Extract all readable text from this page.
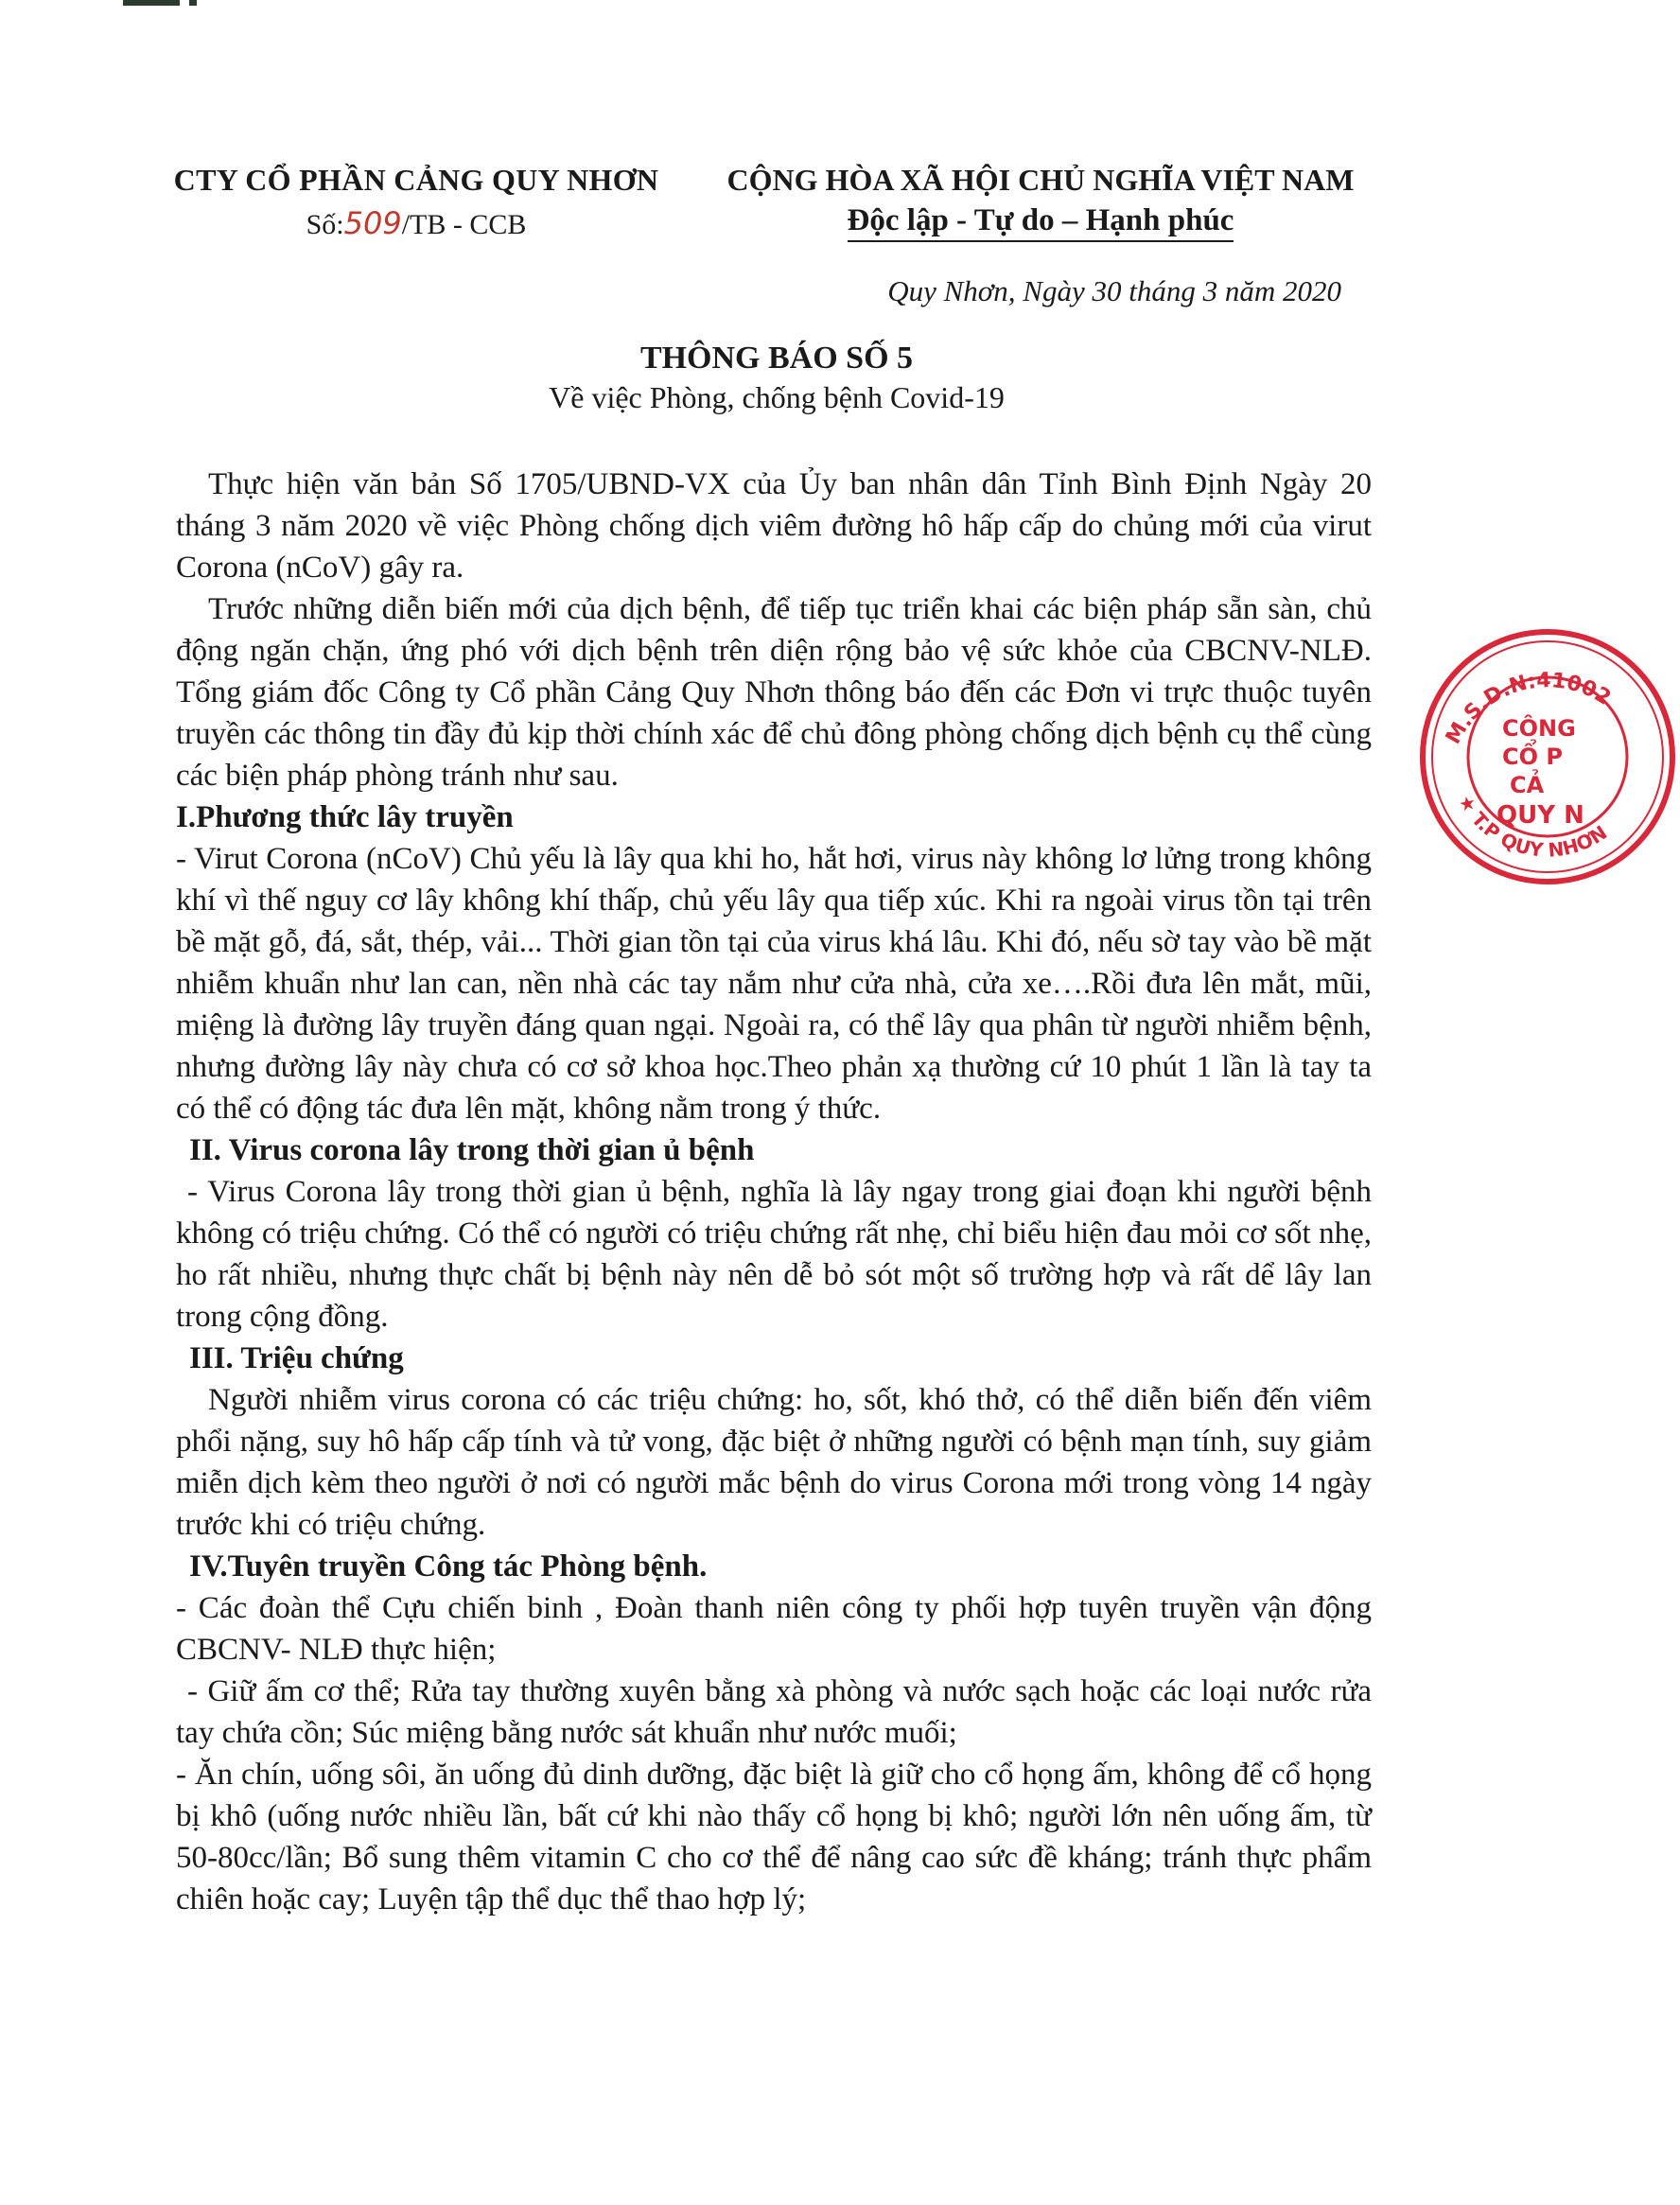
CTY CỔ PHẦN CẢNG QUY NHƠN
Số:509/TB - CCB
CỘNG HÒA XÃ HỘI CHỦ NGHĨA VIỆT NAM
Độc lập - Tự do – Hạnh phúc
Quy Nhơn, Ngày 30 tháng 3 năm 2020
THÔNG BÁO SỐ 5
Về việc Phòng, chống bệnh Covid-19

Thực hiện văn bản Số 1705/UBND-VX của Ủy ban nhân dân Tỉnh Bình Định Ngày 20 tháng 3 năm 2020 về việc Phòng chống dịch viêm đường hô hấp cấp do chủng mới của virut Corona (nCoV) gây ra.

Trước những diễn biến mới của dịch bệnh, để tiếp tục triển khai các biện pháp sẵn sàn, chủ động ngăn chặn, ứng phó với dịch bệnh trên diện rộng bảo vệ sức khỏe của CBCNV-NLĐ. Tổng giám đốc Công ty Cổ phần Cảng Quy Nhơn thông báo đến các Đơn vi trực thuộc tuyên truyền các thông tin đầy đủ kịp thời chính xác để chủ đông phòng chống dịch bệnh cụ thể cùng các biện pháp phòng tránh như sau.

I.Phương thức lây truyền

- Virut Corona (nCoV) Chủ yếu là lây qua khi ho, hắt hơi, virus này không lơ lửng trong không khí vì thế nguy cơ lây không khí thấp, chủ yếu lây qua tiếp xúc. Khi ra ngoài virus tồn tại trên bề mặt gỗ, đá, sắt, thép, vải... Thời gian tồn tại của virus khá lâu. Khi đó, nếu sờ tay vào bề mặt nhiễm khuẩn như lan can, nền nhà các tay nắm như cửa nhà, cửa xe….Rồi đưa lên mắt, mũi, miệng là đường lây truyền đáng quan ngại. Ngoài ra, có thể lây qua phân từ người nhiễm bệnh, nhưng đường lây này chưa có cơ sở khoa học.Theo phản xạ thường cứ 10 phút 1 lần là tay ta có thể có động tác đưa lên mặt, không nằm trong ý thức.

II. Virus corona lây trong thời gian ủ bệnh

- Virus Corona lây trong thời gian ủ bệnh, nghĩa là lây ngay trong giai đoạn khi người bệnh không có triệu chứng. Có thể có người có triệu chứng rất nhẹ, chỉ biểu hiện đau mỏi cơ sốt nhẹ, ho rất nhiều, nhưng thực chất bị bệnh này nên dễ bỏ sót một số trường hợp và rất dể lây lan trong cộng đồng.

III. Triệu chứng

Người nhiễm virus corona có các triệu chứng: ho, sốt, khó thở, có thể diễn biến đến viêm phổi nặng, suy hô hấp cấp tính và tử vong, đặc biệt ở những người có bệnh mạn tính, suy giảm miễn dịch kèm theo người ở nơi có người mắc bệnh do virus Corona mới trong vòng 14 ngày trước khi có triệu chứng.

IV.Tuyên truyền Công tác Phòng bệnh.

- Các đoàn thể Cựu chiến binh , Đoàn thanh niên công ty phối hợp tuyên truyền vận động CBCNV- NLĐ thực hiện;

- Giữ ấm cơ thể; Rửa tay thường xuyên bằng xà phòng và nước sạch hoặc các loại nước rửa tay chứa cồn; Súc miệng bằng nước sát khuẩn như nước muối;

- Ăn chín, uống sôi, ăn uống đủ dinh dưỡng, đặc biệt là giữ cho cổ họng ấm, không để cổ họng bị khô (uống nước nhiều lần, bất cứ khi nào thấy cổ họng bị khô; người lớn nên uống ấm, từ 50-80cc/lần; Bổ sung thêm vitamin C cho cơ thể để nâng cao sức đề kháng; tránh thực phẩm chiên hoặc cay; Luyện tập thể dục thể thao hợp lý;

M.S.D.N:41002
★ T.P QUY NHƠN
CÔNG
CỔ P
CẢ
QUY N
